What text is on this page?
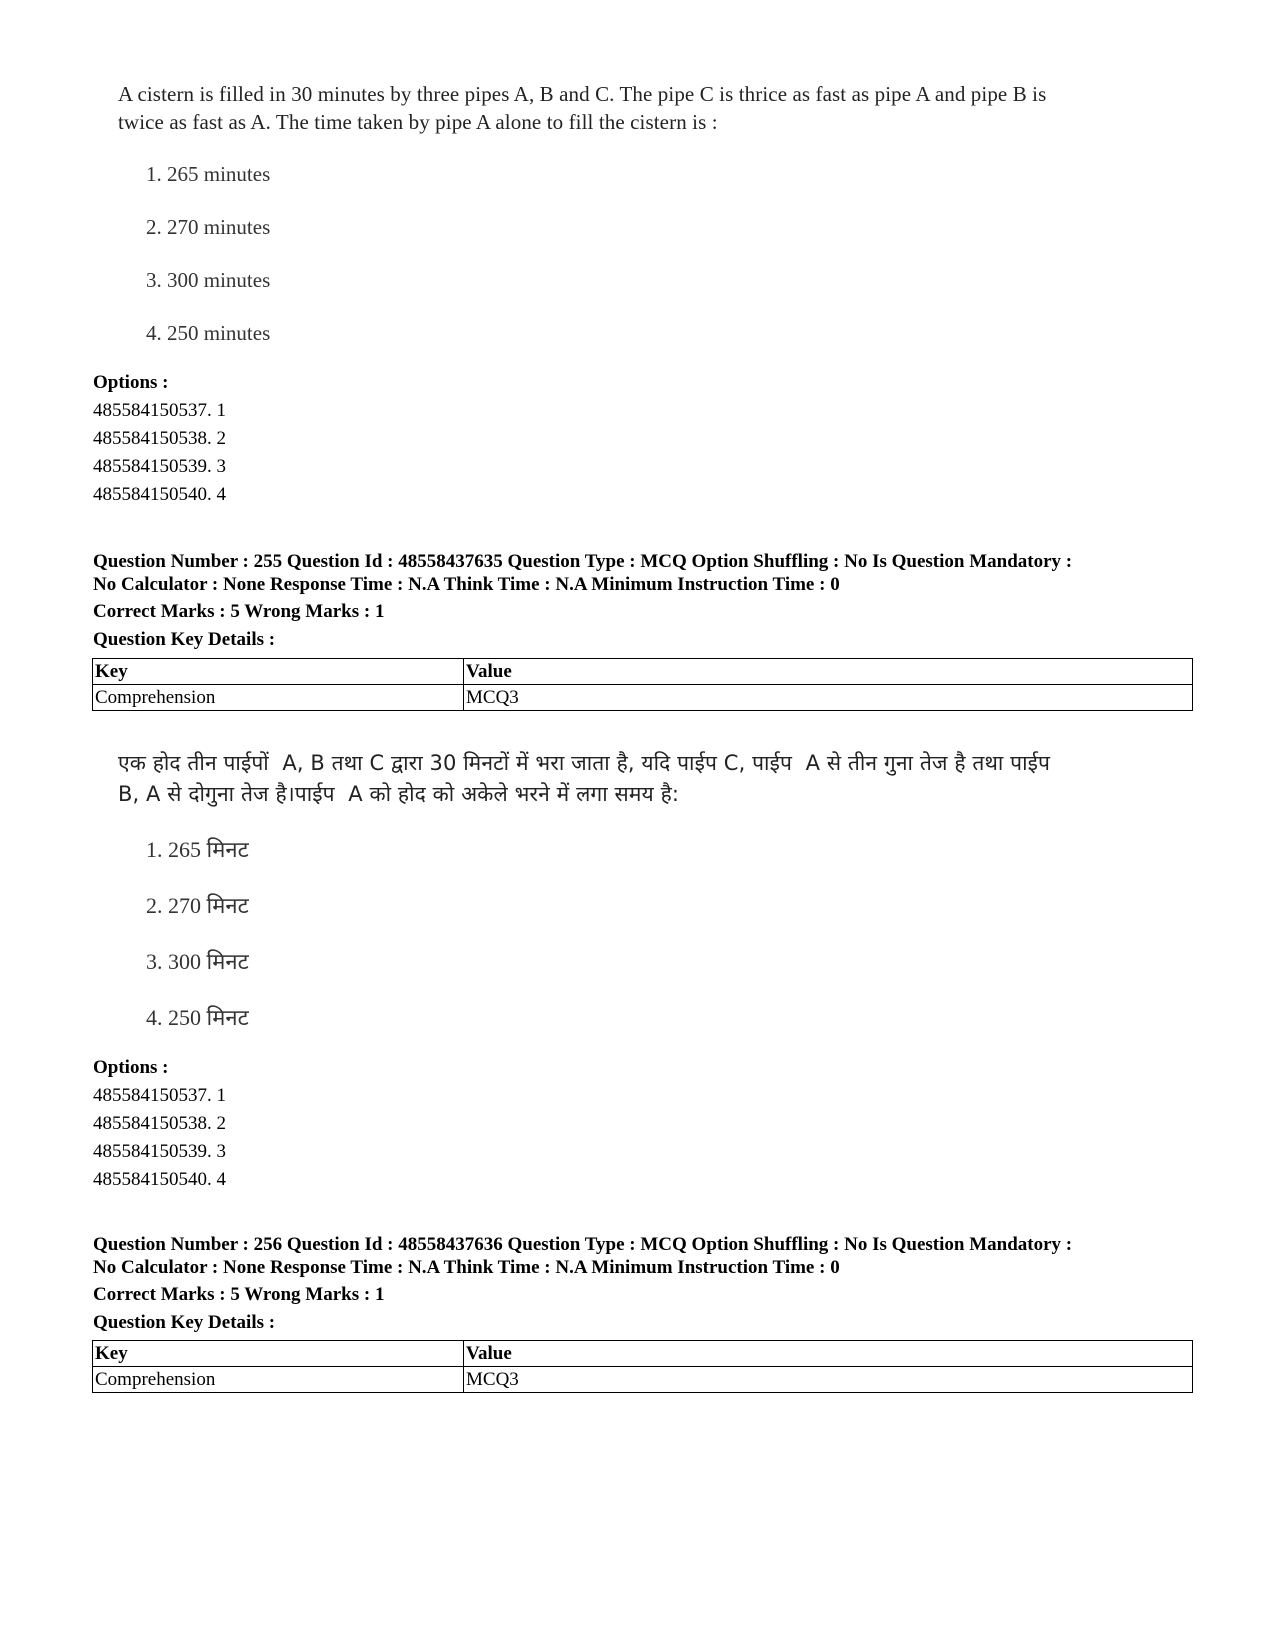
A cistern is filled in 30 minutes by three pipes A, B and C. The pipe C is thrice as fast as pipe A and pipe B is
twice as fast as A. The time taken by pipe A alone to fill the cistern is :
1. 265 minutes
2. 270 minutes
3. 300 minutes
4. 250 minutes
Options :
485584150537. 1
485584150538. 2
485584150539. 3
485584150540. 4
Question Number : 255 Question Id : 48558437635 Question Type : MCQ Option Shuffling : No Is Question Mandatory :
No Calculator : None Response Time : N.A Think Time : N.A Minimum Instruction Time : 0
Correct Marks : 5 Wrong Marks : 1
Question Key Details :
Key	Value
Comprehension	MCQ3
एक होद तीन पाईपों  A, B तथा C द्वारा 30 मिनटों में भरा जाता है, यदि पाईप C, पाईप  A से तीन गुना तेज है तथा पाईप
B, A से दोगुना तेज है।पाईप  A को होद को अकेले भरने में लगा समय है:
1. 265 मिनट
2. 270 मिनट
3. 300 मिनट
4. 250 मिनट
Options :
485584150537. 1
485584150538. 2
485584150539. 3
485584150540. 4
Question Number : 256 Question Id : 48558437636 Question Type : MCQ Option Shuffling : No Is Question Mandatory :
No Calculator : None Response Time : N.A Think Time : N.A Minimum Instruction Time : 0
Correct Marks : 5 Wrong Marks : 1
Question Key Details :
Key	Value
Comprehension	MCQ3
